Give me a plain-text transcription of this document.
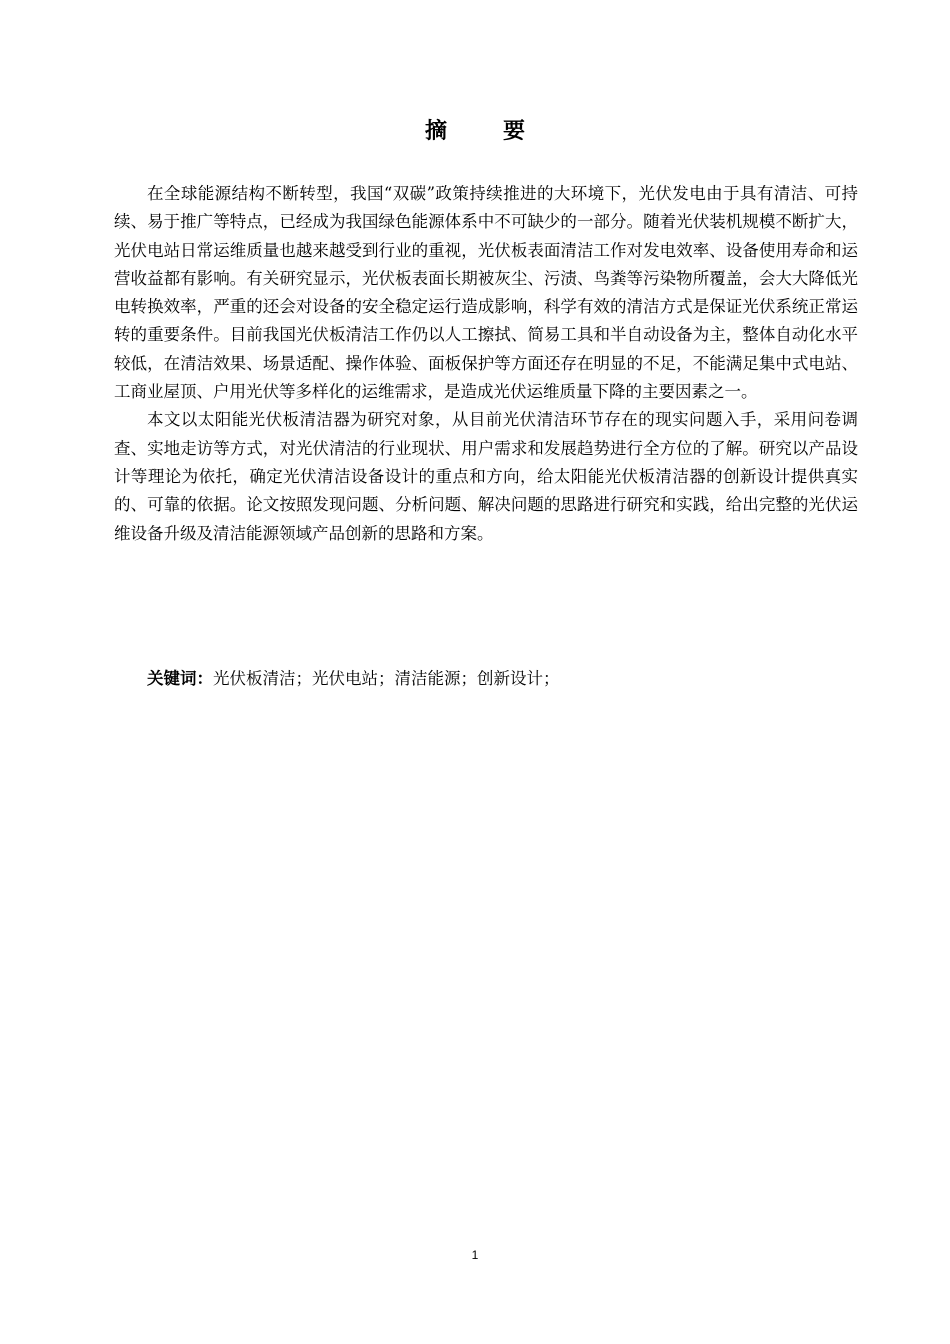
摘要

在全球能源结构不断转型，我国“双碳”政策持续推进的大环境下，光伏发电由于具有清洁、可持续、易于推广等特点，已经成为我国绿色能源体系中不可缺少的一部分。随着光伏装机规模不断扩大，光伏电站日常运维质量也越来越受到行业的重视，光伏板表面清洁工作对发电效率、设备使用寿命和运营收益都有影响。有关研究显示，光伏板表面长期被灰尘、污渍、鸟粪等污染物所覆盖，会大大降低光电转换效率，严重的还会对设备的安全稳定运行造成影响，科学有效的清洁方式是保证光伏系统正常运转的重要条件。目前我国光伏板清洁工作仍以人工擦拭、简易工具和半自动设备为主，整体自动化水平较低，在清洁效果、场景适配、操作体验、面板保护等方面还存在明显的不足，不能满足集中式电站、工商业屋顶、户用光伏等多样化的运维需求，是造成光伏运维质量下降的主要因素之一。

本文以太阳能光伏板清洁器为研究对象，从目前光伏清洁环节存在的现实问题入手，采用问卷调查、实地走访等方式，对光伏清洁的行业现状、用户需求和发展趋势进行全方位的了解。研究以产品设计等理论为依托，确定光伏清洁设备设计的重点和方向，给太阳能光伏板清洁器的创新设计提供真实的、可靠的依据。论文按照发现问题、分析问题、解决问题的思路进行研究和实践，给出完整的光伏运维设备升级及清洁能源领域产品创新的思路和方案。

关键词：光伏板清洁；光伏电站；清洁能源；创新设计；
1
